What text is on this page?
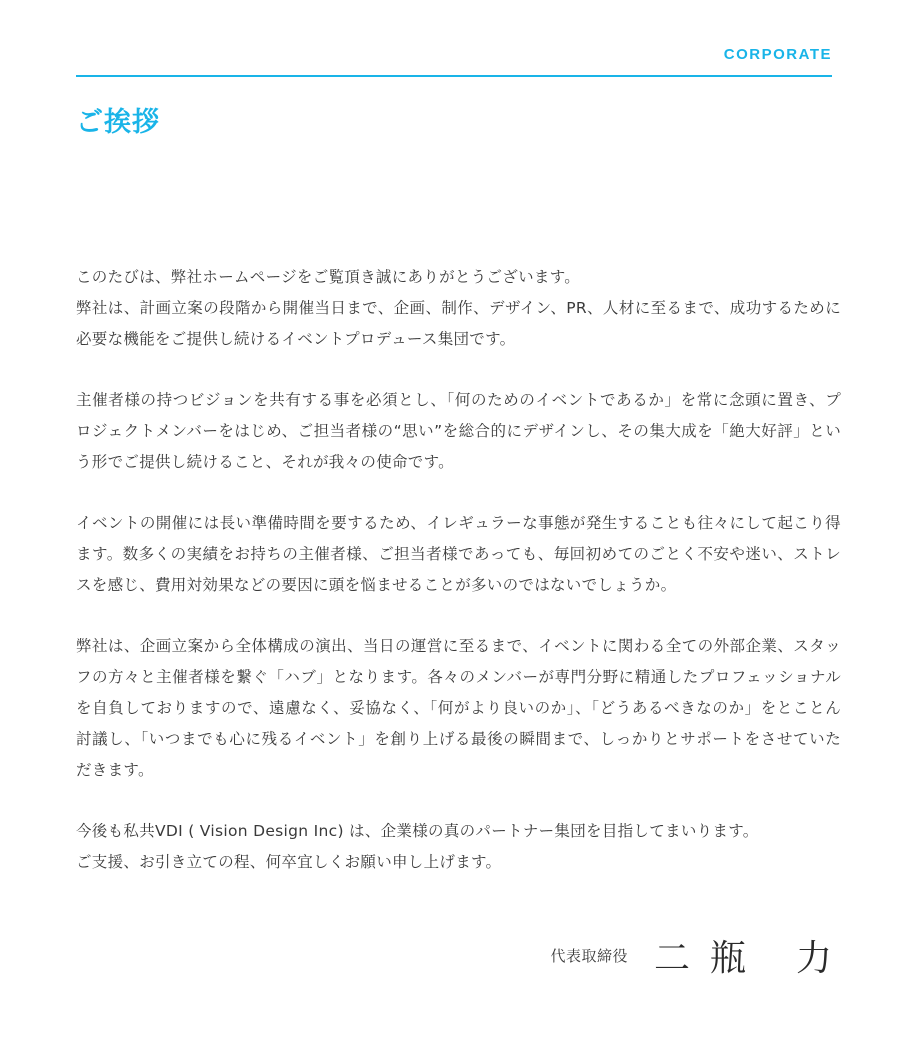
CORPORATE
ご挨拶

このたびは、弊社ホームページをご覧頂き誠にありがとうございます。
弊社は、計画立案の段階から開催当日まで、企画、制作、デザイン、PR、人材に至るまで、成功するために必要な機能をご提供し続けるイベントプロデュース集団です。

主催者様の持つビジョンを共有する事を必須とし、「何のためのイベントであるか」を常に念頭に置き、プロジェクトメンバーをはじめ、ご担当者様の“思い”を総合的にデザインし、その集大成を「絶大好評」という形でご提供し続けること、それが我々の使命です。

イベントの開催には長い準備時間を要するため、イレギュラーな事態が発生することも往々にして起こり得ます。数多くの実績をお持ちの主催者様、ご担当者様であっても、毎回初めてのごとく不安や迷い、ストレスを感じ、費用対効果などの要因に頭を悩ませることが多いのではないでしょうか。

弊社は、企画立案から全体構成の演出、当日の運営に至るまで、イベントに関わる全ての外部企業、スタッフの方々と主催者様を繋ぐ「ハブ」となります。各々のメンバーが専門分野に精通したプロフェッショナルを自負しておりますので、遠慮なく、妥協なく、「何がより良いのか」、「どうあるべきなのか」をとことん討議し、「いつまでも心に残るイベント」を創り上げる最後の瞬間まで、しっかりとサポートをさせていただきます。

今後も私共VDI ( Vision Design Inc) は、企業様の真のパートナー集団を目指してまいります。
ご支援、お引き立ての程、何卒宜しくお願い申し上げます。

代表取締役 二瓶 力
